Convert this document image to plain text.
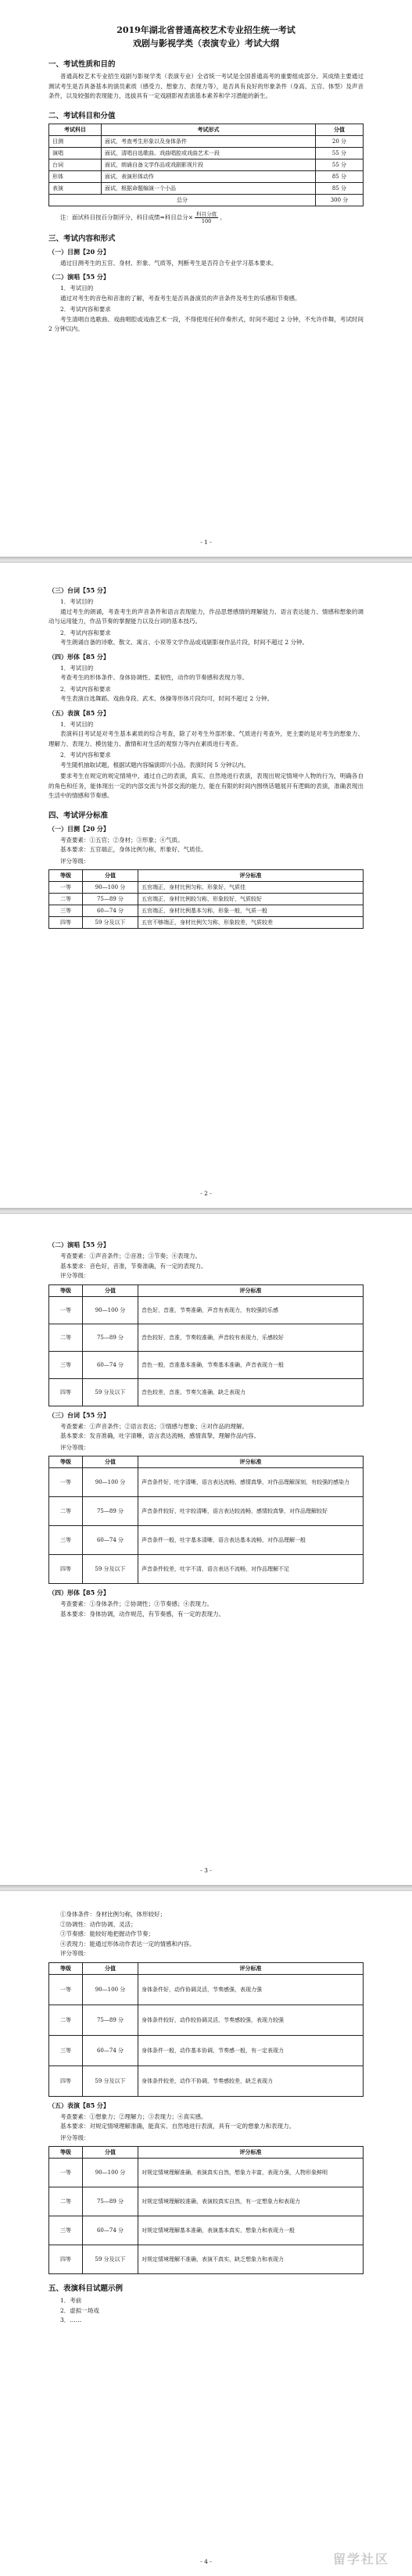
2019年湖北省普通高校艺术专业招生统一考试

戏剧与影视学类（表演专业）考试大纲

一、考试性质和目的

普通高校艺术专业招生戏剧与影视学类（表演专业）全省统一考试是全国普通高考的重要组成部分。其成绩主要通过测试考生是否具备基本的演员素质（感受力、想象力、表现力等），是否具有良好的形象条件（身高、五官、体型）及声音条件，以及较强的表现能力，选拔具有一定戏剧影视表演基本素养和学习潜能的新生。

二、考试科目和分值
考试科目	考试形式	分值
目测	面试，考查考生形象以及身体条件	20 分
演唱	面试，清唱自选歌曲、戏曲唱腔或戏曲艺术一段	55 分
台词	面试，朗诵自备文学作品或戏剧影视片段	55 分
形体	面试，表演形体动作	85 分
表演	面试，根据命题编演一个小品	85 分
总分		300 分
注：面试科目按百分制评分，科目成绩=科目总分× $\frac{\text{科目分值}}{100}$ 。
三、考试内容和形式
（一）目测【20 分】

通过目测考生的五官、身材、形象、气质等，判断考生是否符合专业学习基本要求。

（二）演唱【55 分】

1．考试目的

通过对考生的音色和音准的了解，考查考生是否具备演员的声音条件及考生的乐感和节奏感。

2．考试内容和要求

考生清唱自选歌曲、戏曲唱腔或戏曲艺术一段，不得使用任何伴奏形式，时间不超过 2 分钟，不允许伴舞，考试时间 2 分钟以内。

- 1 -
（三）台词【55 分】

1．考试目的

通过考生的朗诵，考查考生的声音条件和语言表现能力，作品思想感情的理解能力、语言表达能力、情感和想象的调动与运用能力，作品节奏的掌握能力以及台词的基本技巧。

2．考试内容和要求

考生朗诵自备的诗歌、散文、寓言、小说等文学作品或戏剧影视作品片段，时间不超过 2 分钟。

（四）形体【85 分】

1．考试目的

考查考生的形体条件、身体协调性、柔韧性，动作的节奏感和表现力等。

2．考试内容和要求

考生表演自选舞蹈、戏曲身段、武术、体操等形体片段均可，时间不超过 2 分钟。

（五）表演【85 分】

1．考试目的

表演科目考试是对考生基本素质的综合考查，除了对考生外部形象、气质进行考查外，更主要的是对考生的想象力、理解力、表现力、模仿能力、激情和对生活的观察力等内在素质进行考查。

2．考试内容和要求

考生随机抽取试题，根据试题内容编演即兴小品。表演时间 5 分钟以内。

要求考生在规定的规定情境中，通过自己的表演，真实、自然地进行表演，表现出规定情境中人物的行为，明确各自的角色和任务，能体现出一定的内部交流与外部交流的能力，能在有限的时间内围绕话题展开有逻辑的表演，准确表现出生活中的情感和节奏感。

四、考试评分标准
（一）目测【20 分】

考查要素：①五官；②身材；③形象；④气质。

基本要求：五官端正，身体比例匀称，形象好、气质佳。

评分等级：

等级	分值	评分标准
一等	90—100 分	五官端正，身材比例匀称，形象好，气质佳
二等	75—89 分	五官端正，身材比例较匀称，形象较好，气质较好
三等	60—74 分	五官端正，身材比例基本匀称，形象一般，气质一般
四等	59 分及以下	五官不够端正，身材比例欠匀称，形象较差，气质较差
- 2 -
（二）演唱【55 分】

考查要素：①声音条件；②音准；③节奏；④表现力。

基本要求：音色好，音准，节奏准确，有一定的表现力。

评分等级：

等级	分值	评分标准
一等	90—100 分	音色好，音准，节奏准确，声音有表现力，有较强的乐感
二等	75—89 分	音色较好，音准，节奏较准确，声音较有表现力，乐感较好
三等	60—74 分	音色一般，音准基本准确，节奏基本准确，声音表现力一般
四等	59 分及以下	音色较差，音准、节奏欠准确，缺乏表现力
（三）台词【55 分】

考查要素：①声音条件；②语言表达；③情感与想象；④对作品的理解。

基本要求：发音准确，吐字清晰，语言表达流畅，感情真挚，理解作品内容。

评分等级：

等级	分值	评分标准
一等	90—100 分	声音条件好，吐字清晰，语言表达流畅，感情真挚，对作品理解深刻，有较强的感染力
二等	75—89 分	声音条件较好，吐字较清晰，语言表达较流畅，感情较真挚，对作品理解较好
三等	60—74 分	声音条件一般，吐字基本清晰，语言表达基本流畅，对作品理解一般
四等	59 分及以下	声音条件较差，吐字不清，语言表达不流畅，对作品理解不足
（四）形体【85 分】

考查要素：①身体条件；②协调性；③节奏感；④表现力。

基本要求：身体协调，动作规范，有节奏感，有一定的表现力。

- 3 -

①身体条件：身材比例匀称，体形较好；

②协调性：动作协调、灵活；

③节奏感：能较好地把握动作节奏；

④表现力：能通过形体动作表达一定的情感和内容。

评分等级：

等级	分值	评分标准
一等	90—100 分	身体条件好，动作协调灵活，节奏感强，表现力强
二等	75—89 分	身体条件较好，动作较协调灵活，节奏感较强，表现力较强
三等	60—74 分	身体条件一般，动作基本协调，节奏感一般，有一定表现力
四等	59 分及以下	身体条件较差，动作不协调，节奏感较差，缺乏表现力
（五）表演【85 分】

考查要素：①想象力；②理解力；③表现力；④真实感。

基本要求：对规定情境理解准确，能真实、自然地进行表演，具有一定的想象力和表现力。

评分等级：

等级	分值	评分标准
一等	90—100 分	对规定情境理解准确，表演真实自然，想象力丰富，表现力强，人物形象鲜明
二等	75—89 分	对规定情境理解较准确，表演较真实自然，有一定想象力和表现力
三等	60—74 分	对规定情境理解基本准确，表演基本真实，想象力和表现力一般
四等	59 分及以下	对规定情境理解不准确，表演不真实，缺乏想象力和表现力
五、表演科目试题示例

1．考前

2．虚拟一场戏

3．……

- 4 -	留学社区
